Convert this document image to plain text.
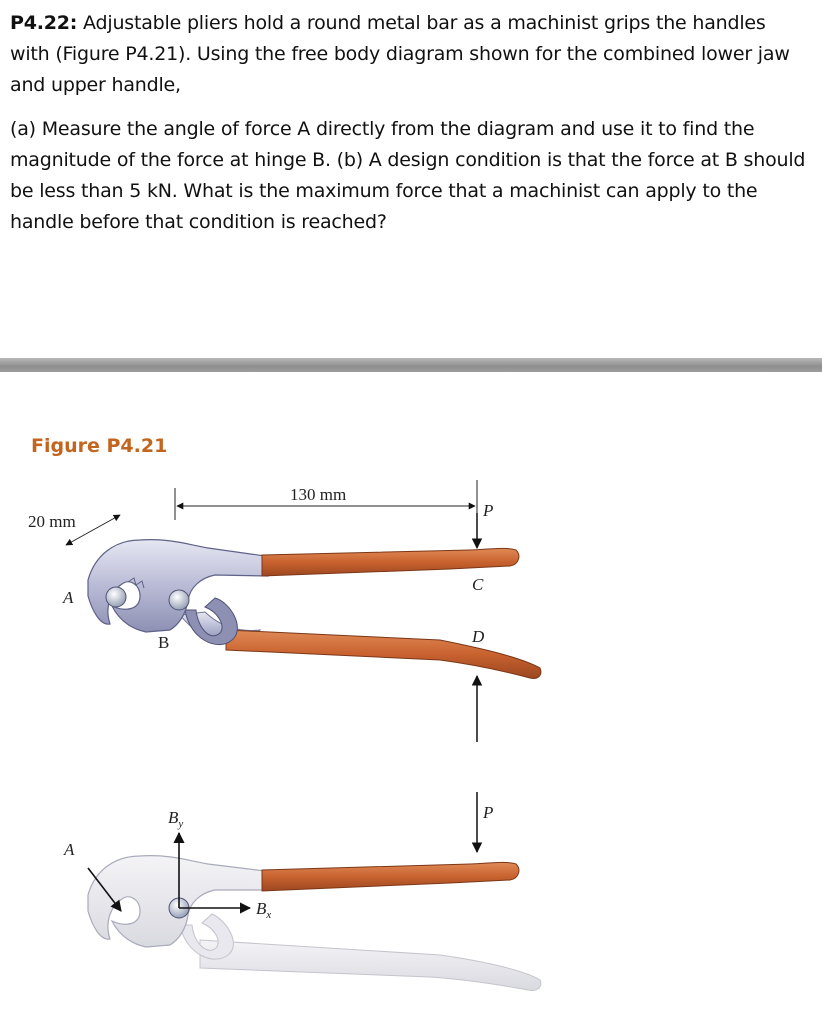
P4.22: Adjustable pliers hold a round metal bar as a machinist grips the handles with (Figure P4.21). Using the free body diagram shown for the combined lower jaw and upper handle,
(a) Measure the angle of force A directly from the diagram and use it to find the magnitude of the force at hinge B. (b) A design condition is that the force at B should be less than 5 kN. What is the maximum force that a machinist can apply to the handle before that condition is reached?
Figure P4.21
130 mm
20 mm
P
C
D
A
B
A
P
$B_y$
$B_x$
